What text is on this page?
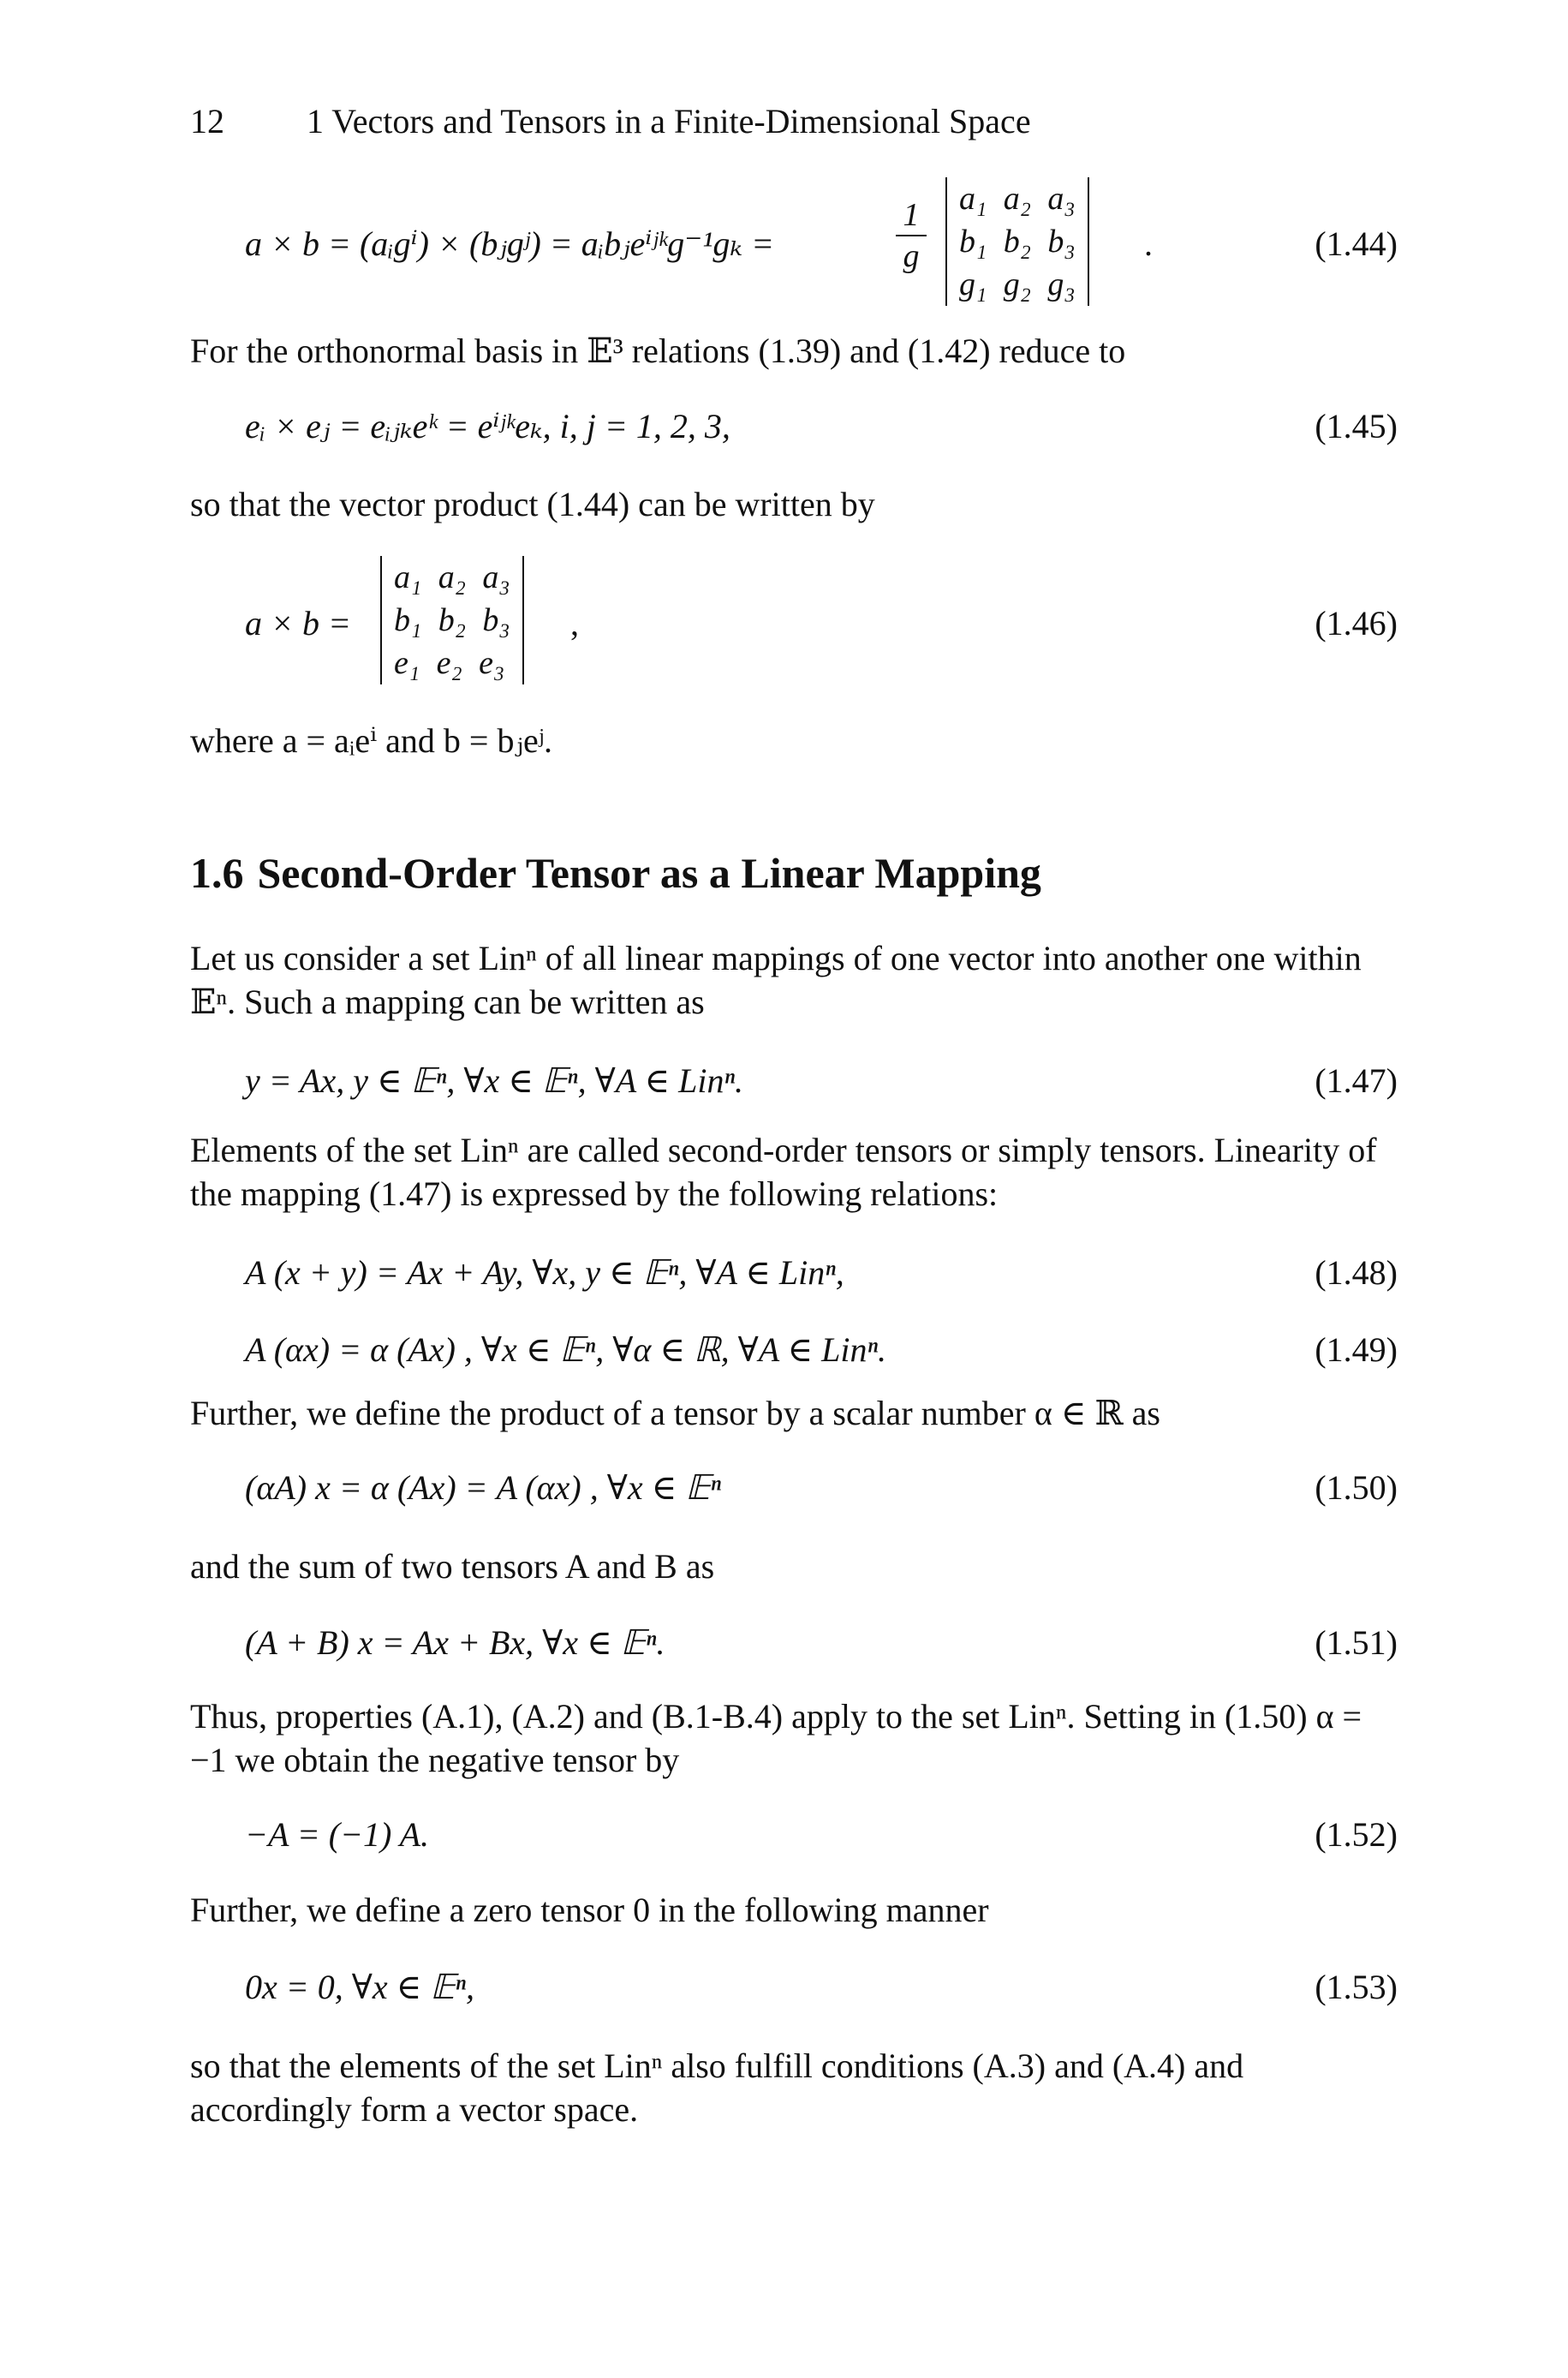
12 1 Vectors and Tensors in a Finite-Dimensional Space
a × b = (aᵢgⁱ) × (bⱼgʲ) = aᵢbⱼeⁱʲᵏg⁻¹gₖ =	(1.44)
$\frac{1}{g} a_1$ a₂ a₃
b₁ b₂ b₃
g₁ g₂ g₃
.
For the orthonormal basis in 𝔼³ relations (1.39) and (1.42) reduce to
eᵢ × eⱼ = eᵢⱼₖeᵏ = eⁱʲᵏeₖ, i, j = 1, 2, 3,	(1.45)
so that the vector product (1.44) can be written by
a × b =	(1.46)
a₁ a₂ a₃
b₁ b₂ b₃
e₁ e₂ e₃
,
where a = aᵢeⁱ and b = bⱼeʲ.
1.6 Second-Order Tensor as a Linear Mapping
Let us consider a set Linⁿ of all linear mappings of one vector into another one within 𝔼ⁿ. Such a mapping can be written as
y = Ax, y ∈ 𝔼ⁿ, ∀x ∈ 𝔼ⁿ, ∀A ∈ Linⁿ.	(1.47)
Elements of the set Linⁿ are called second-order tensors or simply tensors. Linearity of the mapping (1.47) is expressed by the following relations:
A (x + y) = Ax + Ay, ∀x, y ∈ 𝔼ⁿ, ∀A ∈ Linⁿ,	(1.48)
A (αx) = α (Ax) , ∀x ∈ 𝔼ⁿ, ∀α ∈ ℝ, ∀A ∈ Linⁿ.	(1.49)
Further, we define the product of a tensor by a scalar number α ∈ ℝ as
(αA) x = α (Ax) = A (αx) , ∀x ∈ 𝔼ⁿ	(1.50)
and the sum of two tensors A and B as
(A + B) x = Ax + Bx, ∀x ∈ 𝔼ⁿ.	(1.51)
Thus, properties (A.1), (A.2) and (B.1-B.4) apply to the set Linⁿ. Setting in (1.50) α = −1 we obtain the negative tensor by
−A = (−1) A.	(1.52)
Further, we define a zero tensor 0 in the following manner
0x = 0, ∀x ∈ 𝔼ⁿ,	(1.53)
so that the elements of the set Linⁿ also fulfill conditions (A.3) and (A.4) and accordingly form a vector space.
